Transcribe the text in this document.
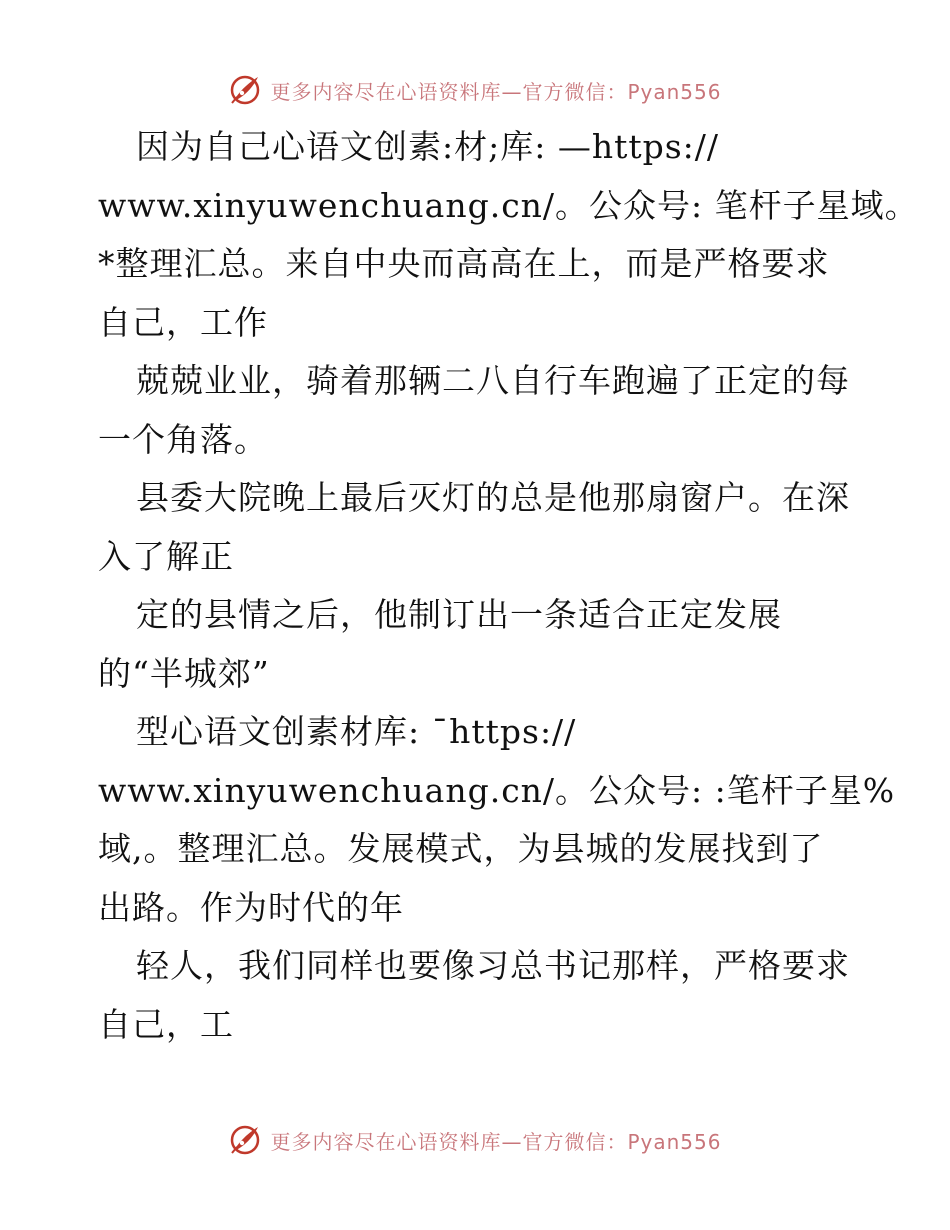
更多内容尽在心语资料库—官方微信：Pyan556
因为自己心语文创素:材;库: —https://
www.xinyuwenchuang.cn/。公众号: 笔杆子星域。
*整理汇总。来自中央而高高在上，而是严格要求
自己，工作
兢兢业业，骑着那辆二八自行车跑遍了正定的每
一个角落。
县委大院晚上最后灭灯的总是他那扇窗户。在深
入了解正
定的县情之后，他制订出一条适合正定发展
的“半城郊”
型心语文创素材库: ¯https://
www.xinyuwenchuang.cn/。公众号: :笔杆子星%
域,。整理汇总。发展模式，为县城的发展找到了
出路。作为时代的年
轻人，我们同样也要像习总书记那样，严格要求
自己，工
更多内容尽在心语资料库—官方微信：Pyan556
